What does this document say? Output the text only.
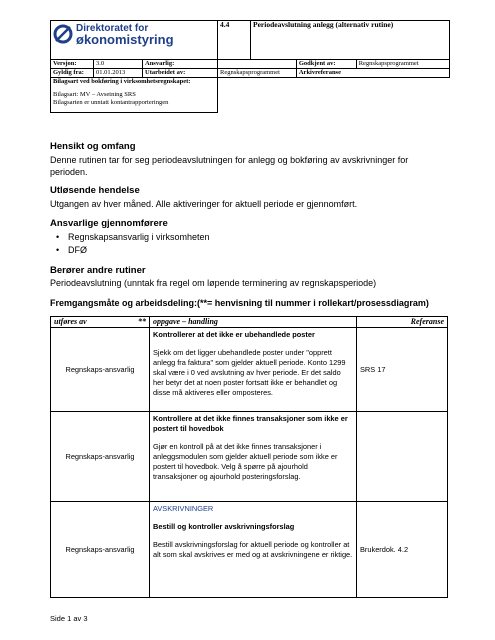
Direktoratet for
økonomistyring			4.4	Periodeavslutning anlegg (alternativ rutine)		
Versjon:	3.0	Ansvarlig:			Godkjent av:	Regnskapsprogrammet
Gyldig fra:	01.01.2013	Utarbeidet av:	Regnskapsprogrammet		Arkivreferanse	

Bilagsart ved bokføring i virksomhetsregnskapet:
Bilagsart: MV – Avsetning SRS
Bilagsarten er unntatt kontantrapporteringen						

Hensikt og omfang
Denne rutinen tar for seg periodeavslutningen for anlegg og bokføring av avskrivninger for perioden.
Utløsende hendelse
Utgangen av hver måned. Alle aktiveringer for aktuell periode er gjennomført.
Ansvarlige gjennomførere
• Regnskapsansvarlig i virksomheten
• DFØ
Berører andre rutiner
Periodeavslutning (unntak fra regel om løpende terminering av regnskapsperiode)
Fremgangsmåte og arbeidsdeling:(**= henvisning til nummer i rollekart/prosessdiagram)
utføres av	**	oppgave – handling	Referanse
Regnskaps-ansvarlig		Kontrollerer at det ikke er ubehandlede poster
Sjekk om det ligger ubehandlede poster under "opprett anlegg fra faktura" som gjelder aktuell periode. Konto 1299 skal være i 0 ved avslutning av hver periode. Er det saldo her betyr det at noen poster fortsatt ikke er behandlet og disse må aktiveres eller omposteres.	SRS 17
Regnskaps-ansvarlig		Kontrollere at det ikke finnes transaksjoner som ikke er postert til hovedbok
Gjør en kontroll på at det ikke finnes transaksjoner i anleggsmodulen som gjelder aktuell periode som ikke er postert til hovedbok. Velg å spørre på ajourhold transaksjoner og ajourhold posteringsforslag.	

Regnskaps-ansvarlig		AVSKRIVNINGER
Bestill og kontroller avskrivningsforslag
Bestill avskrivningsforslag for aktuell periode og kontroller at alt som skal avskrives er med og at avskrivningene er riktige.	Brukerdok. 4.2
Side 1 av 3
